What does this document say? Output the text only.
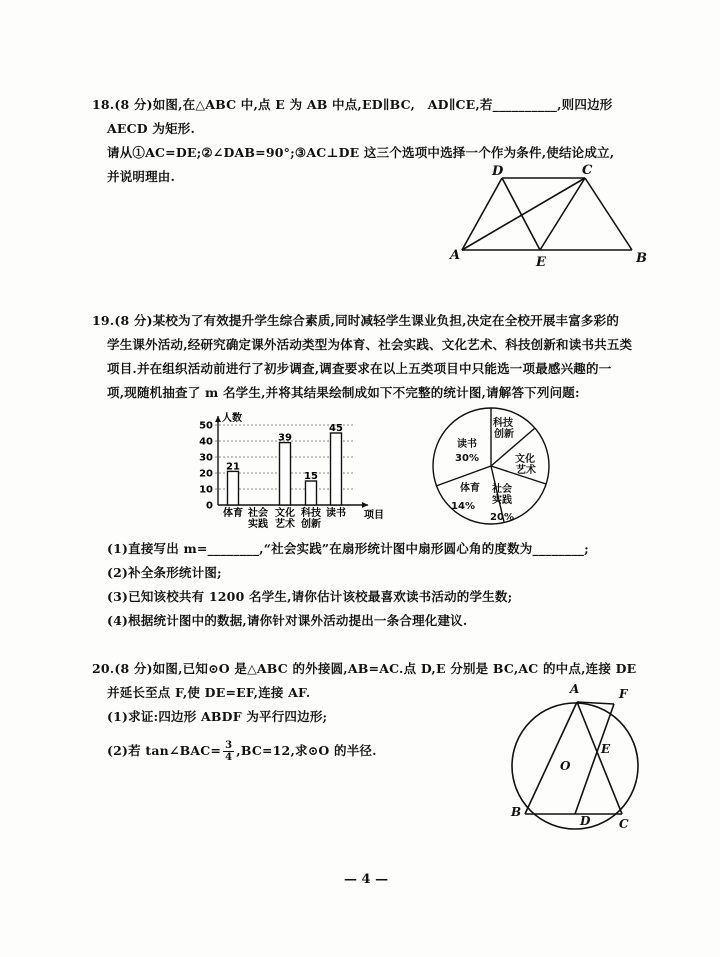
18.(8 分)如图,在△ABC 中,点 E 为 AB 中点,ED∥BC,　AD∥CE,若__________,则四边形
AECD 为矩形.
请从①AC=DE;②∠DAB=90°;③AC⊥DE 这三个选项中选择一个作为条件,使结论成立,
并说明理由.
A	B
C
D
E
19.(8 分)某校为了有效提升学生综合素质,同时减轻学生课业负担,决定在全校开展丰富多彩的
学生课外活动,经研究确定课外活动类型为体育、社会实践、文化艺术、科技创新和读书共五类
项目.并在组织活动前进行了初步调查,调查要求在以上五类项目中只能选一项最感兴趣的一
项,现随机抽查了 m 名学生,并将其结果绘制成如下不完整的统计图,请解答下列问题:
人数
项目
0
10
20
30
40
50
21
体育 社会
实践
39
文化
艺术
15
科技
创新
45
读书
读书
30%
科技
创新
文化
艺术
体育
14%
社会
实践
20%
(1)直接写出 m=________,“社会实践”在扇形统计图中扇形圆心角的度数为________;
(2)补全条形统计图;
(3)已知该校共有 1200 名学生,请你估计该校最喜欢读书活动的学生数;
(4)根据统计图中的数据,请你针对课外活动提出一条合理化建议.
20.(8 分)如图,已知⊙O 是△ABC 的外接圆,AB=AC.点 D,E 分别是 BC,AC 的中点,连接 DE
并延长至点 F,使 DE=EF,连接 AF.
(1)求证:四边形 ABDF 为平行四边形;
(2)若 tan∠BAC= $\frac{3}{4} ,BC=12$,求⊙O 的半径.
A	F
E
O
B
D C
— 4 —
